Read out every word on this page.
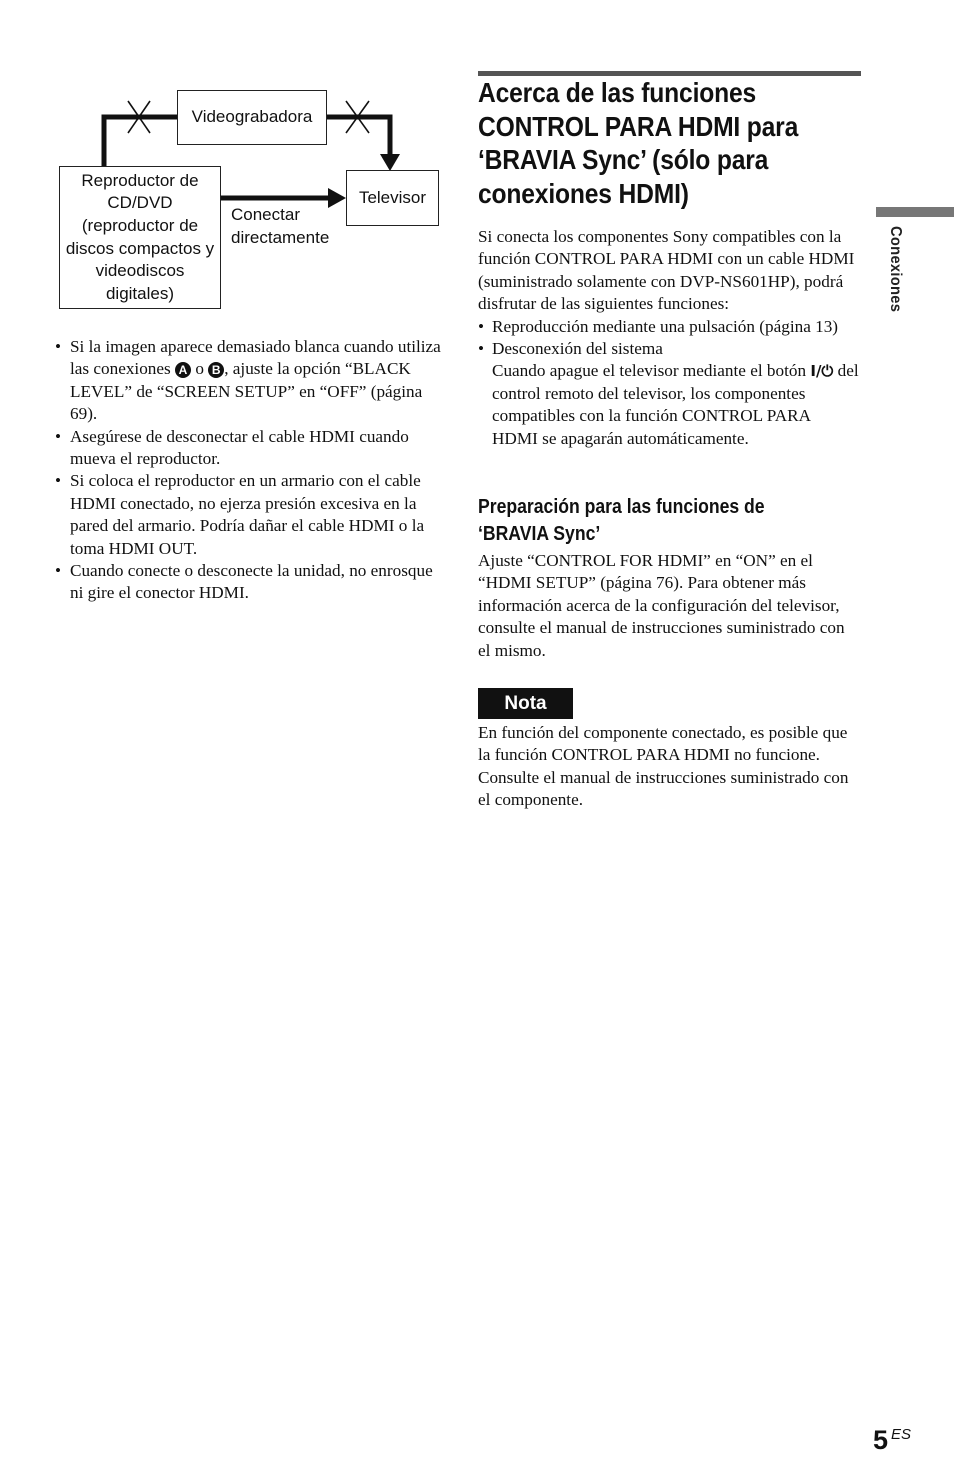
Videograbadora
Reproductor de CD/DVD (reproductor de discos compactos y videodiscos digitales)
Televisor
Conectar
directamente
• Si la imagen aparece demasiado blanca cuando utiliza las conexiones A o B , ajuste la opción “BLACK LEVEL” de “SCREEN SETUP” en “OFF” (página 69).
• Asegúrese de desconectar el cable HDMI cuando mueva el reproductor.
• Si coloca el reproductor en un armario con el cable HDMI conectado, no ejerza presión excesiva en la pared del armario. Podría dañar el cable HDMI o la toma HDMI OUT.
• Cuando conecte o desconecte la unidad, no enrosque ni gire el conector HDMI.
Acerca de las funciones
CONTROL PARA HDMI para
‘BRAVIA Sync’ (sólo para
conexiones HDMI)
Si conecta los componentes Sony compatibles con la función CONTROL PARA HDMI con un cable HDMI (suministrado solamente con DVP-NS601HP), podrá disfrutar de las siguientes funciones:
• Reproducción mediante una pulsación (página 13)
• Desconexión del sistema
Cuando apague el televisor mediante el botón I/⏻ del control remoto del televisor, los componentes compatibles con la función CONTROL PARA HDMI se apagarán automáticamente.
Preparación para las funciones de
‘BRAVIA Sync’
Ajuste “CONTROL FOR HDMI” en “ON” en el “HDMI SETUP” (página 76). Para obtener más información acerca de la configuración del televisor, consulte el manual de instrucciones suministrado con el mismo.
Nota
En función del componente conectado, es posible que la función CONTROL PARA HDMI no funcione. Consulte el manual de instrucciones suministrado con el componente.
Conexiones
5 ES
